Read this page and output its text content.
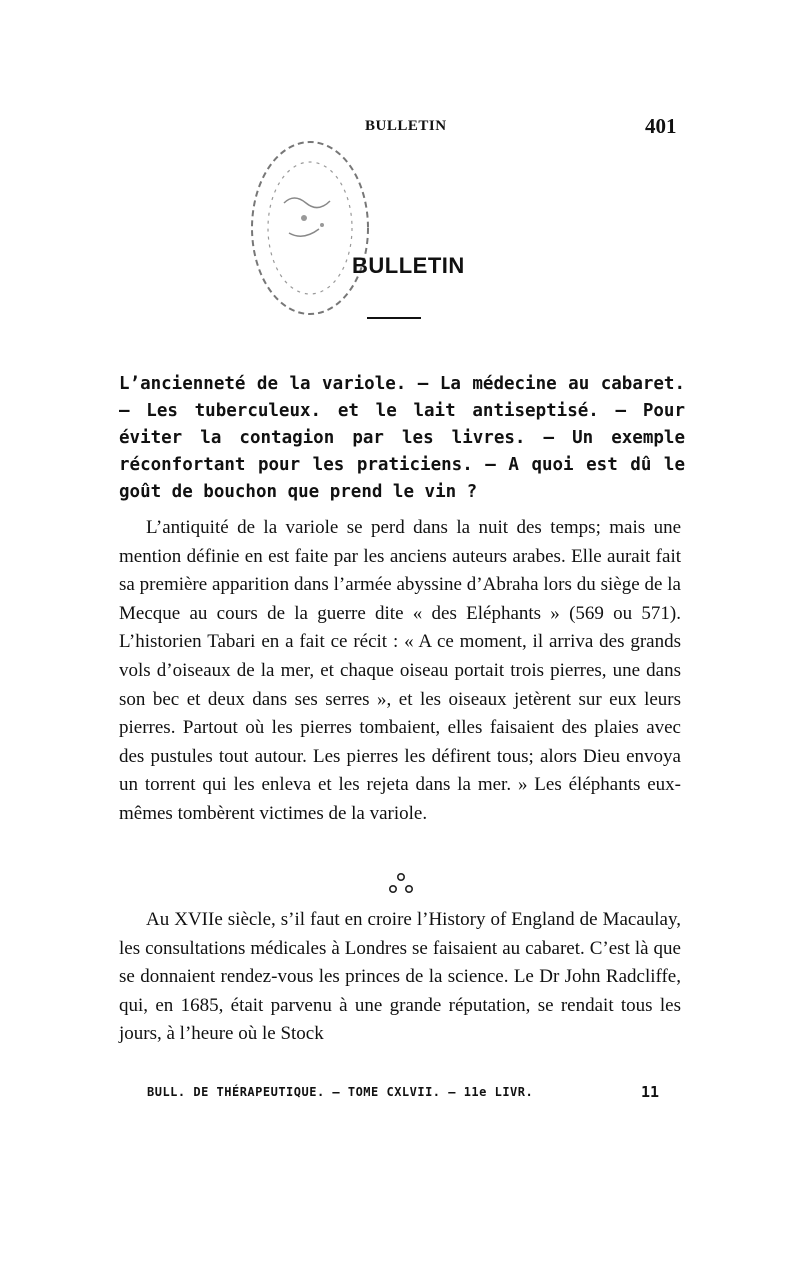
BULLETIN	401
BULLETIN
L’ancienneté de la variole. — La médecine au cabaret. — Les tuberculeux. et le lait antiseptisé. — Pour éviter la contagion par les livres. — Un exemple réconfortant pour les praticiens. — A quoi est dû le goût de bouchon que prend le vin ?
L’antiquité de la variole se perd dans la nuit des temps; mais une mention définie en est faite par les anciens auteurs arabes. Elle aurait fait sa première apparition dans l’armée abyssine d’Abraha lors du siège de la Mecque au cours de la guerre dite « des Eléphants » (569 ou 571). L’historien Tabari en a fait ce récit : « A ce moment, il arriva des grands vols d’oiseaux de la mer, et chaque oiseau portait trois pierres, une dans son bec et deux dans ses serres », et les oiseaux jetèrent sur eux leurs pierres. Partout où les pierres tombaient, elles faisaient des plaies avec des pustules tout autour. Les pierres les défirent tous; alors Dieu envoya un torrent qui les enleva et les rejeta dans la mer. » Les éléphants eux-mêmes tombèrent victimes de la variole.
Au XVIIe siècle, s’il faut en croire l’History of England de Macaulay, les consultations médicales à Londres se faisaient au cabaret. C’est là que se donnaient rendez-vous les princes de la science. Le Dr John Radcliffe, qui, en 1685, était parvenu à une grande réputation, se rendait tous les jours, à l’heure où le Stock
BULL. DE THÉRAPEUTIQUE. — TOME CXLVII. — 11e LIVR.	11
